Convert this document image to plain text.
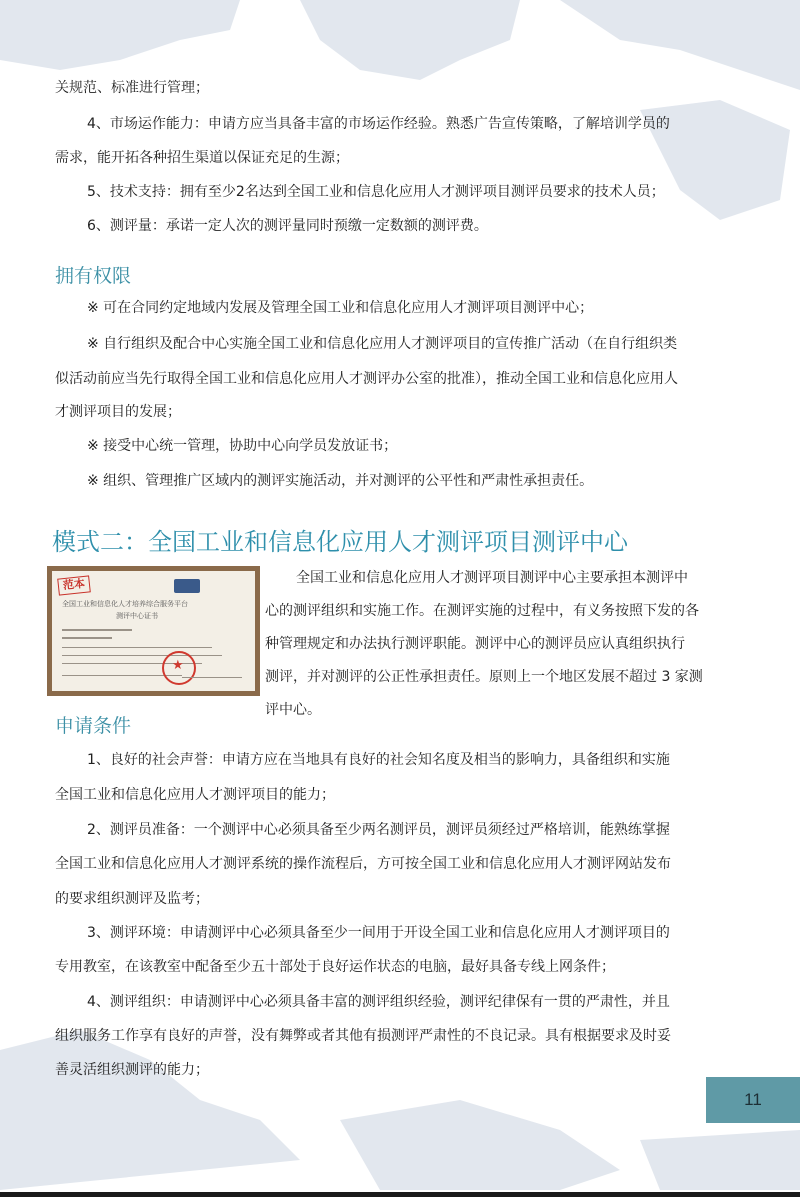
关规范、标准进行管理；
4、市场运作能力：申请方应当具备丰富的市场运作经验。熟悉广告宣传策略，了解培训学员的
需求，能开拓各种招生渠道以保证充足的生源；
5、技术支持：拥有至少2名达到全国工业和信息化应用人才测评项目测评员要求的技术人员；
6、测评量：承诺一定人次的测评量同时预缴一定数额的测评费。
拥有权限
※ 可在合同约定地域内发展及管理全国工业和信息化应用人才测评项目测评中心；
※ 自行组织及配合中心实施全国工业和信息化应用人才测评项目的宣传推广活动（在自行组织类
似活动前应当先行取得全国工业和信息化应用人才测评办公室的批准），推动全国工业和信息化应用人
才测评项目的发展；
※ 接受中心统一管理，协助中心向学员发放证书；
※ 组织、管理推广区域内的测评实施活动，并对测评的公平性和严肃性承担责任。
模式二：全国工业和信息化应用人才测评项目测评中心
范本
全国工业和信息化人才培养综合服务平台
测评中心证书
★
全国工业和信息化应用人才测评项目测评中心主要承担本测评中
心的测评组织和实施工作。在测评实施的过程中，有义务按照下发的各
种管理规定和办法执行测评职能。测评中心的测评员应认真组织执行
测评，并对测评的公正性承担责任。原则上一个地区发展不超过 3 家测
评中心。
申请条件
1、良好的社会声誉：申请方应在当地具有良好的社会知名度及相当的影响力，具备组织和实施
全国工业和信息化应用人才测评项目的能力；
2、测评员准备：一个测评中心必须具备至少两名测评员，测评员须经过严格培训，能熟练掌握
全国工业和信息化应用人才测评系统的操作流程后，方可按全国工业和信息化应用人才测评网站发布
的要求组织测评及监考；
3、测评环境：申请测评中心必须具备至少一间用于开设全国工业和信息化应用人才测评项目的
专用教室，在该教室中配备至少五十部处于良好运作状态的电脑，最好具备专线上网条件；
4、测评组织：申请测评中心必须具备丰富的测评组织经验，测评纪律保有一贯的严肃性，并且
组织服务工作享有良好的声誉，没有舞弊或者其他有损测评严肃性的不良记录。具有根据要求及时妥
善灵活组织测评的能力；
11
